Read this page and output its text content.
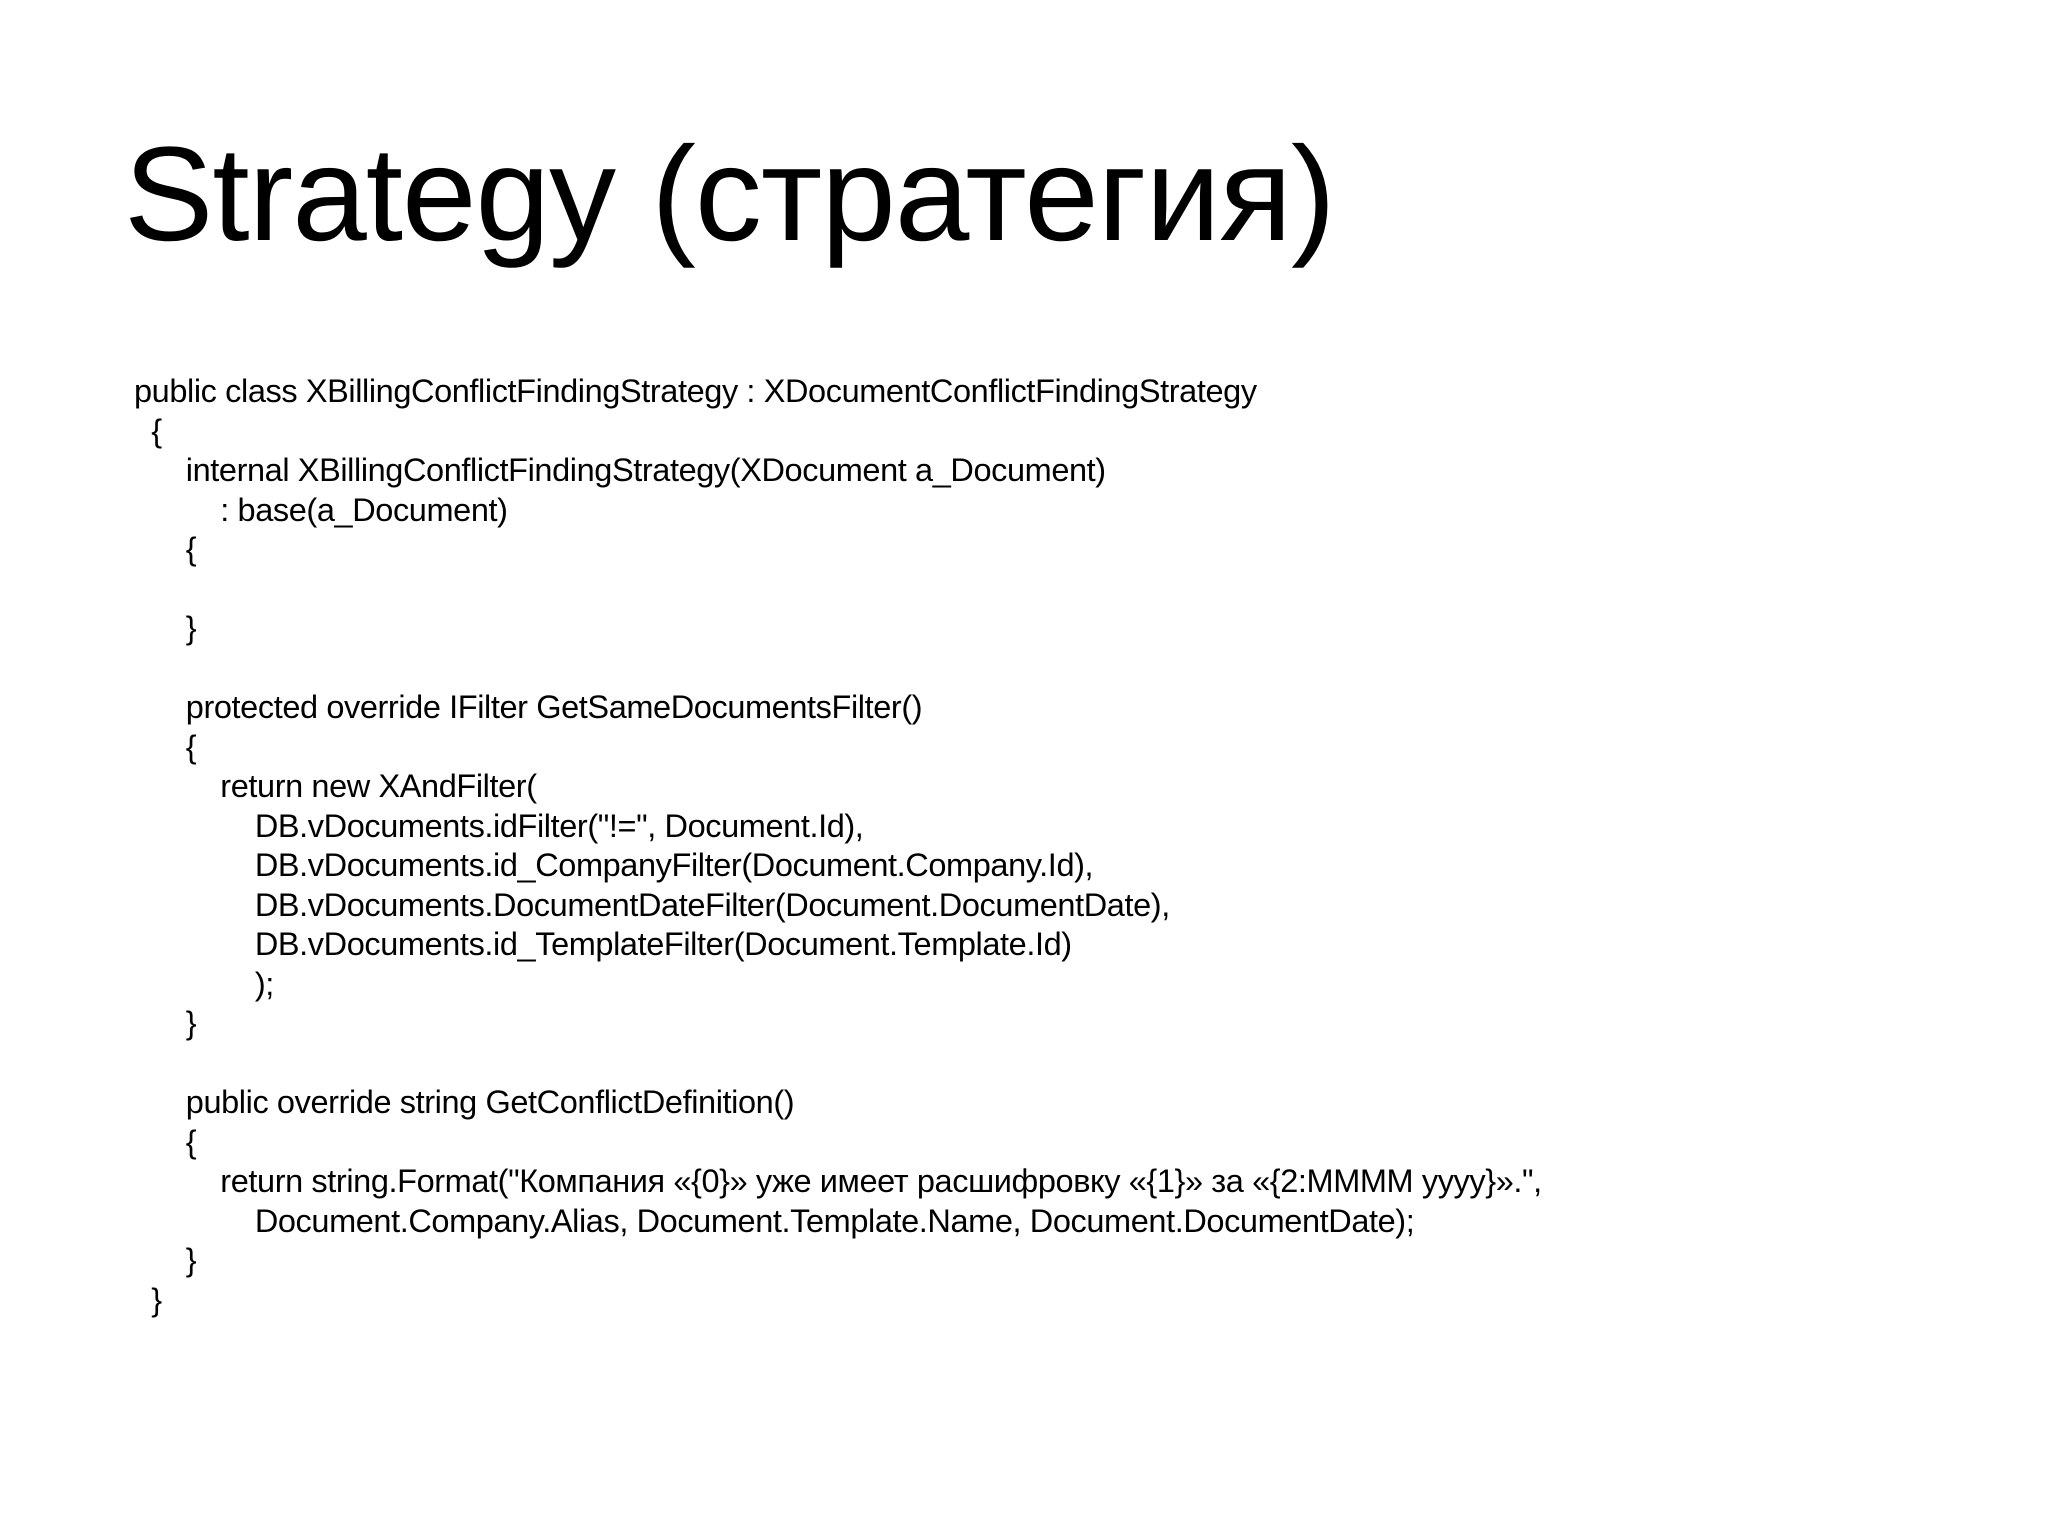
Strategy (стратегия)
public class XBillingConflictFindingStrategy : XDocumentConflictFindingStrategy
{
internal XBillingConflictFindingStrategy(XDocument a_Document)
: base(a_Document)
{
}
protected override IFilter GetSameDocumentsFilter()
{
return new XAndFilter(
DB.vDocuments.idFilter("!=", Document.Id),
DB.vDocuments.id_CompanyFilter(Document.Company.Id),
DB.vDocuments.DocumentDateFilter(Document.DocumentDate),
DB.vDocuments.id_TemplateFilter(Document.Template.Id)
);
}
public override string GetConflictDefinition()
{
return string.Format("Компания «{0}» уже имеет расшифровку «{1}» за «{2:MMMM yyyy}».",
Document.Company.Alias, Document.Template.Name, Document.DocumentDate);
}
}
